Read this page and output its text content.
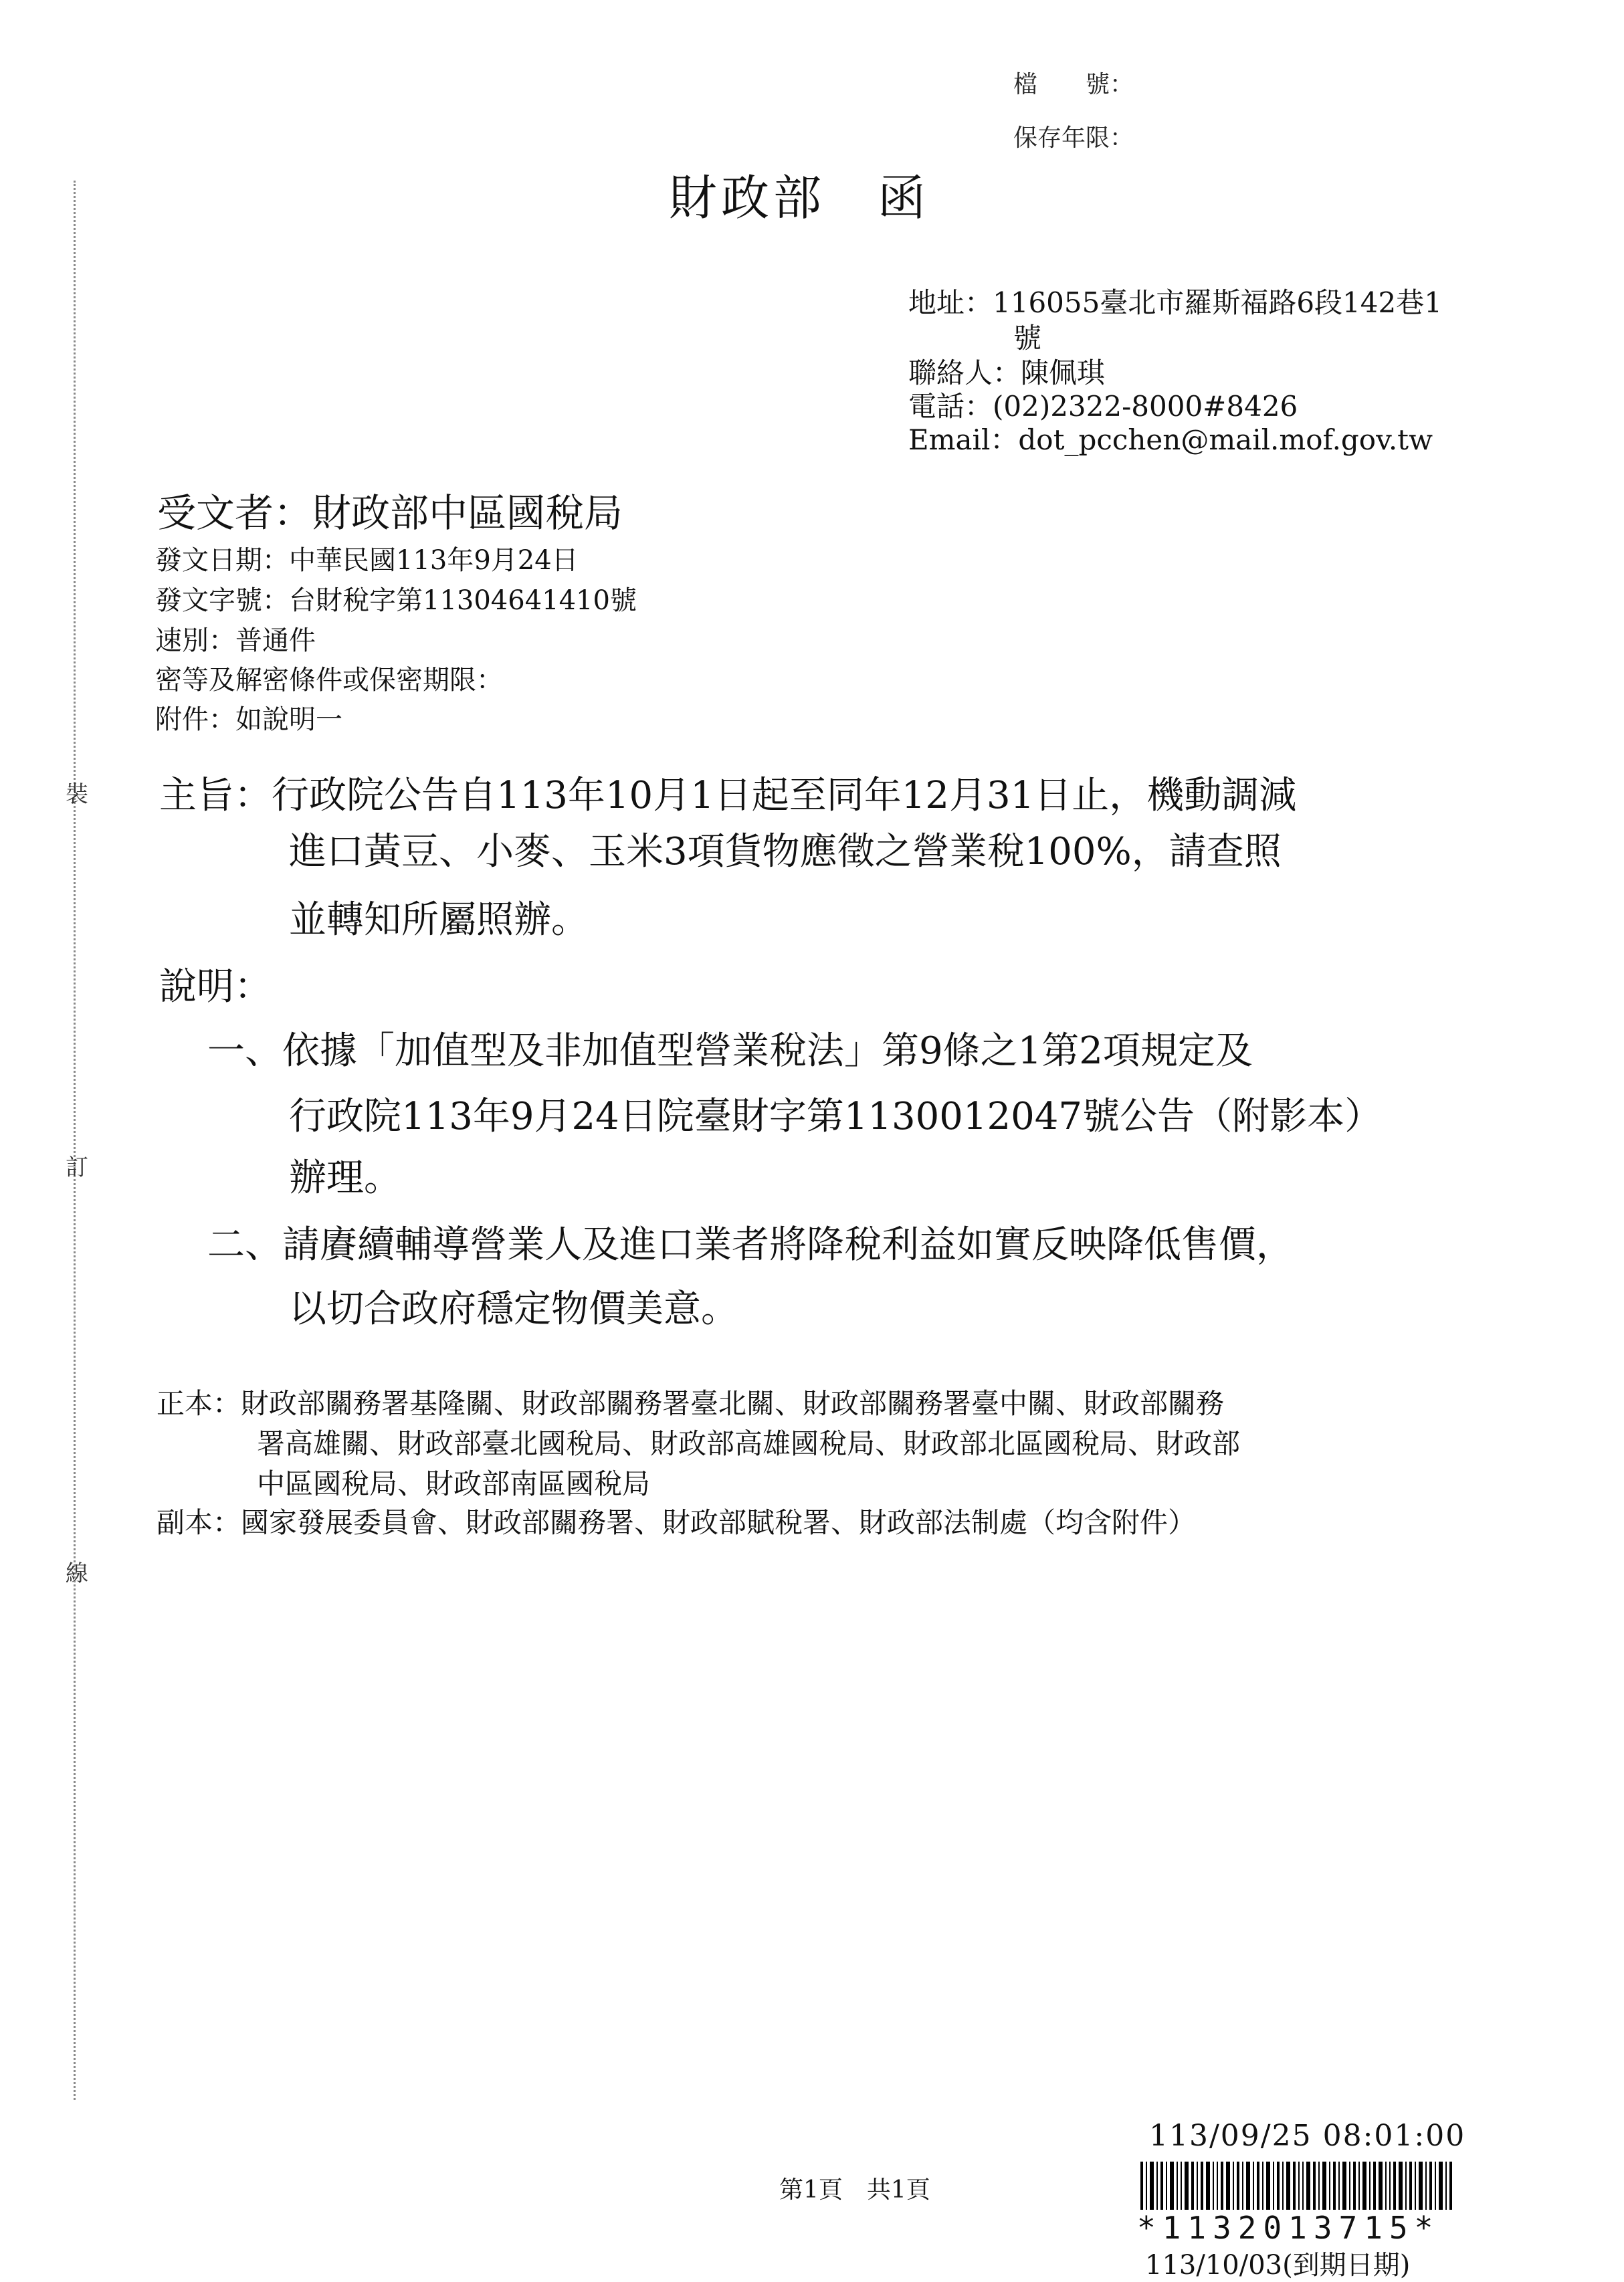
裝
訂
線
檔　　號：
保存年限：
財政部　函
地址：116055臺北市羅斯福路6段142巷1
號
聯絡人：陳佩琪
電話：(02)2322-8000#8426
Email：dot_pcchen@mail.mof.gov.tw
受文者：財政部中區國稅局
發文日期：中華民國113年9月24日
發文字號：台財稅字第11304641410號
速別：普通件
密等及解密條件或保密期限：
附件：如說明一
主旨：行政院公告自113年10月1日起至同年12月31日止，機動調減
進口黃豆、小麥、玉米3項貨物應徵之營業稅100%，請查照
並轉知所屬照辦。
說明：
一、依據「加值型及非加值型營業稅法」第9條之1第2項規定及
行政院113年9月24日院臺財字第1130012047號公告（附影本）
辦理。
二、請賡續輔導營業人及進口業者將降稅利益如實反映降低售價，
以切合政府穩定物價美意。
正本：財政部關務署基隆關、財政部關務署臺北關、財政部關務署臺中關、財政部關務
署高雄關、財政部臺北國稅局、財政部高雄國稅局、財政部北區國稅局、財政部
中區國稅局、財政部南區國稅局
副本：國家發展委員會、財政部關務署、財政部賦稅署、財政部法制處（均含附件）
第1頁　共1頁
113/09/25 08:01:00
*1132013715*
113/10/03(到期日期)
